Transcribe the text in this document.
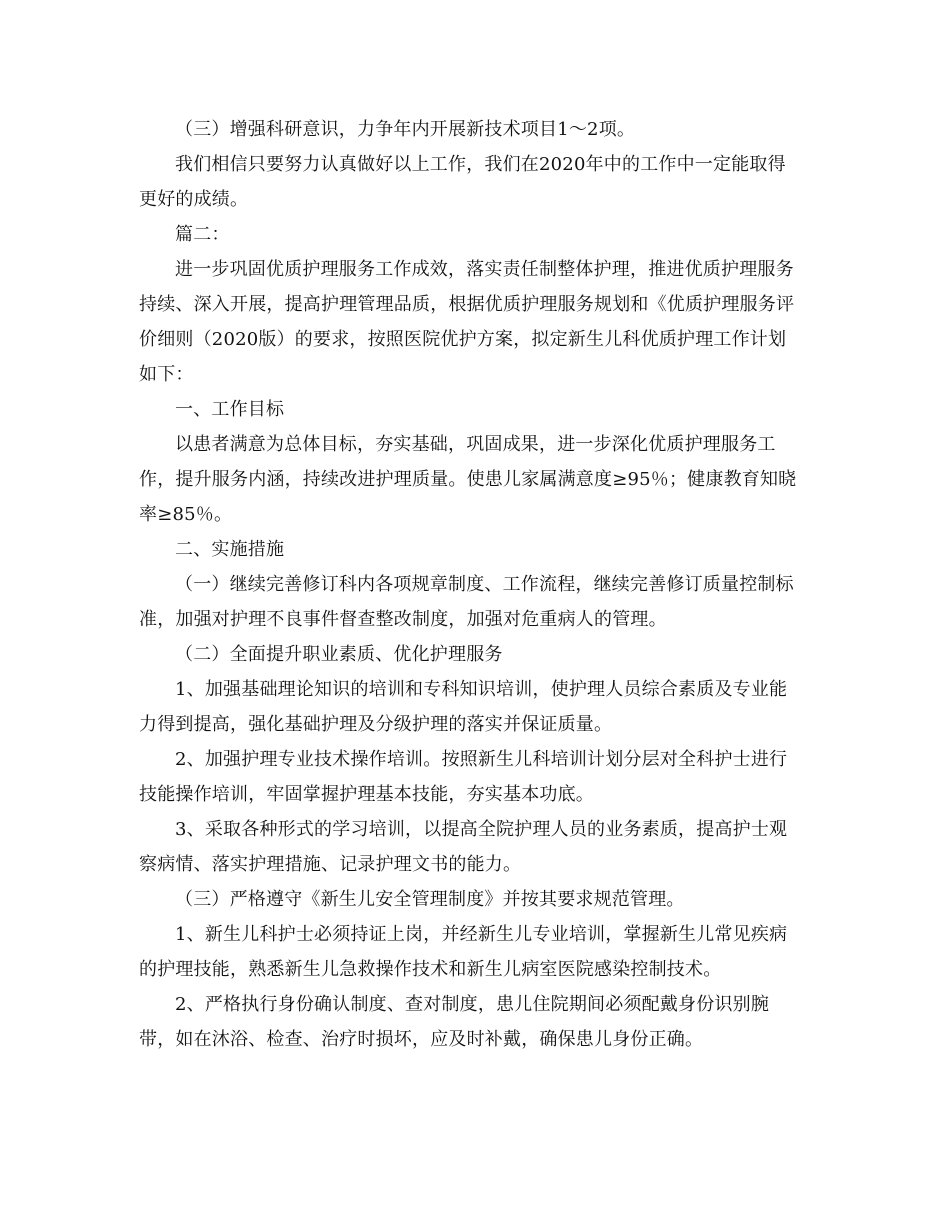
（三）增强科研意识，力争年内开展新技术项目1～2项。
我们相信只要努力认真做好以上工作，我们在2020年中的工作中一定能取得
更好的成绩。
篇二：
进一步巩固优质护理服务工作成效，落实责任制整体护理，推进优质护理服务
持续、深入开展，提高护理管理品质，根据优质护理服务规划和《优质护理服务评
价细则（2020版）的要求，按照医院优护方案，拟定新生儿科优质护理工作计划
如下：
一、工作目标
以患者满意为总体目标，夯实基础，巩固成果，进一步深化优质护理服务工
作，提升服务内涵，持续改进护理质量。使患儿家属满意度≥95％；健康教育知晓
率≥85％。
二、实施措施
（一）继续完善修订科内各项规章制度、工作流程，继续完善修订质量控制标
准，加强对护理不良事件督查整改制度，加强对危重病人的管理。
（二）全面提升职业素质、优化护理服务
1、加强基础理论知识的培训和专科知识培训，使护理人员综合素质及专业能
力得到提高，强化基础护理及分级护理的落实并保证质量。
2、加强护理专业技术操作培训。按照新生儿科培训计划分层对全科护士进行
技能操作培训，牢固掌握护理基本技能，夯实基本功底。
3、采取各种形式的学习培训，以提高全院护理人员的业务素质，提高护士观
察病情、落实护理措施、记录护理文书的能力。
（三）严格遵守《新生儿安全管理制度》并按其要求规范管理。
1、新生儿科护士必须持证上岗，并经新生儿专业培训，掌握新生儿常见疾病
的护理技能，熟悉新生儿急救操作技术和新生儿病室医院感染控制技术。
2、严格执行身份确认制度、查对制度，患儿住院期间必须配戴身份识别腕
带，如在沐浴、检查、治疗时损坏，应及时补戴，确保患儿身份正确。
